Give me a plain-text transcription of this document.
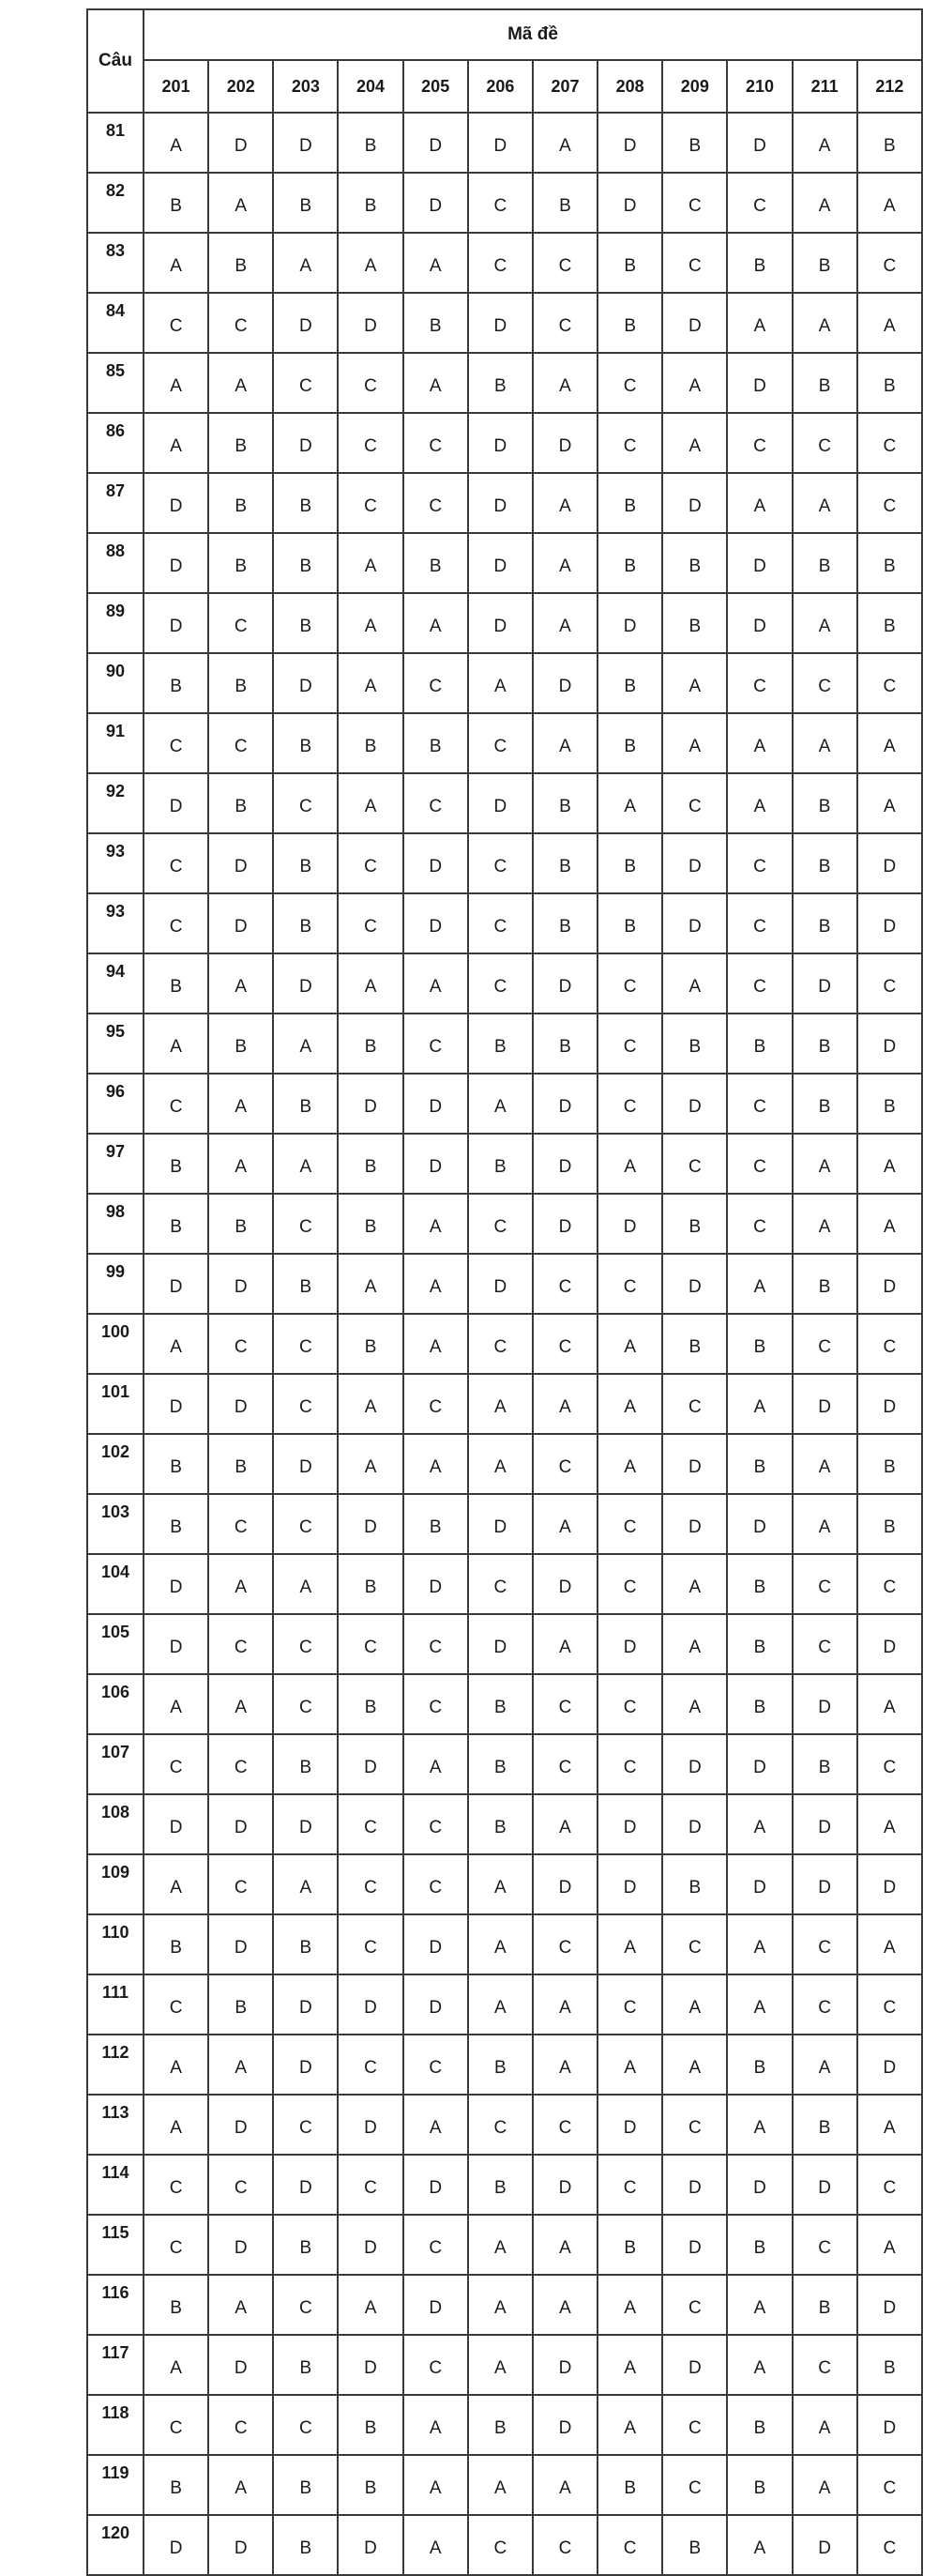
Câu	Mã đề											
	201	202	203	204	205	206	207	208	209	210	211	212
81	A	D	D	B	D	D	A	D	B	D	A	B
82	B	A	B	B	D	C	B	D	C	C	A	A
83	A	B	A	A	A	C	C	B	C	B	B	C
84	C	C	D	D	B	D	C	B	D	A	A	A
85	A	A	C	C	A	B	A	C	A	D	B	B
86	A	B	D	C	C	D	D	C	A	C	C	C
87	D	B	B	C	C	D	A	B	D	A	A	C
88	D	B	B	A	B	D	A	B	B	D	B	B
89	D	C	B	A	A	D	A	D	B	D	A	B
90	B	B	D	A	C	A	D	B	A	C	C	C
91	C	C	B	B	B	C	A	B	A	A	A	A
92	D	B	C	A	C	D	B	A	C	A	B	A
93	C	D	B	C	D	C	B	B	D	C	B	D
93	C	D	B	C	D	C	B	B	D	C	B	D
94	B	A	D	A	A	C	D	C	A	C	D	C
95	A	B	A	B	C	B	B	C	B	B	B	D
96	C	A	B	D	D	A	D	C	D	C	B	B
97	B	A	A	B	D	B	D	A	C	C	A	A
98	B	B	C	B	A	C	D	D	B	C	A	A
99	D	D	B	A	A	D	C	C	D	A	B	D
100	A	C	C	B	A	C	C	A	B	B	C	C
101	D	D	C	A	C	A	A	A	C	A	D	D
102	B	B	D	A	A	A	C	A	D	B	A	B
103	B	C	C	D	B	D	A	C	D	D	A	B
104	D	A	A	B	D	C	D	C	A	B	C	C
105	D	C	C	C	C	D	A	D	A	B	C	D
106	A	A	C	B	C	B	C	C	A	B	D	A
107	C	C	B	D	A	B	C	C	D	D	B	C
108	D	D	D	C	C	B	A	D	D	A	D	A
109	A	C	A	C	C	A	D	D	B	D	D	D
110	B	D	B	C	D	A	C	A	C	A	C	A
111	C	B	D	D	D	A	A	C	A	A	C	C
112	A	A	D	C	C	B	A	A	A	B	A	D
113	A	D	C	D	A	C	C	D	C	A	B	A
114	C	C	D	C	D	B	D	C	D	D	D	C
115	C	D	B	D	C	A	A	B	D	B	C	A
116	B	A	C	A	D	A	A	A	C	A	B	D
117	A	D	B	D	C	A	D	A	D	A	C	B
118	C	C	C	B	A	B	D	A	C	B	A	D
119	B	A	B	B	A	A	A	B	C	B	A	C
120	D	D	B	D	A	C	C	C	B	A	D	C
